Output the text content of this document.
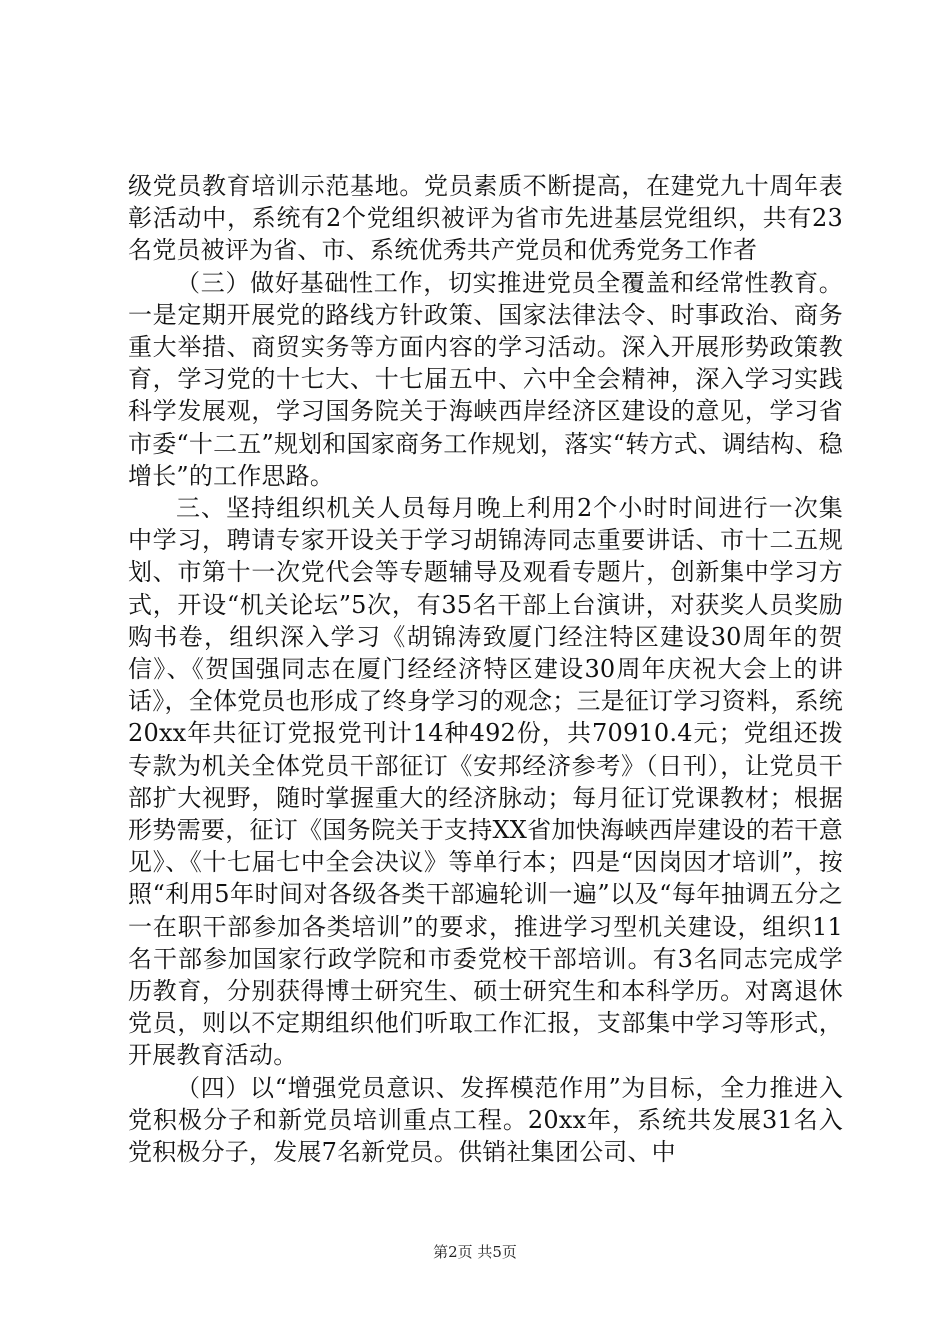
级党员教育培训示范基地。党员素质不断提高，在建党九十周年表彰活动中，系统有2个党组织被评为省市先进基层党组织，共有23名党员被评为省、市、系统优秀共产党员和优秀党务工作者

（三）做好基础性工作，切实推进党员全覆盖和经常性教育。一是定期开展党的路线方针政策、国家法律法令、时事政治、商务重大举措、商贸实务等方面内容的学习活动。深入开展形势政策教育，学习党的十七大、十七届五中、六中全会精神，深入学习实践科学发展观，学习国务院关于海峡西岸经济区建设的意见，学习省市委“十二五”规划和国家商务工作规划，落实“转方式、调结构、稳增长”的工作思路。

三、坚持组织机关人员每月晚上利用2个小时时间进行一次集中学习，聘请专家开设关于学习胡锦涛同志重要讲话、市十二五规划、市第十一次党代会等专题辅导及观看专题片，创新集中学习方式，开设“机关论坛”5次，有35名干部上台演讲，对获奖人员奖励购书卷，组织深入学习《胡锦涛致厦门经注特区建设30周年的贺信》、《贺国强同志在厦门经经济特区建设30周年庆祝大会上的讲话》，全体党员也形成了终身学习的观念；三是征订学习资料，系统20xx年共征订党报党刊计14种492份，共70910.4元；党组还拨专款为机关全体党员干部征订《安邦经济参考》（日刊），让党员干部扩大视野，随时掌握重大的经济脉动；每月征订党课教材；根据形势需要，征订《国务院关于支持XX省加快海峡西岸建设的若干意见》、《十七届七中全会决议》等单行本；四是“因岗因才培训”，按照“利用5年时间对各级各类干部遍轮训一遍”以及“每年抽调五分之一在职干部参加各类培训”的要求，推进学习型机关建设，组织11名干部参加国家行政学院和市委党校干部培训。有3名同志完成学历教育，分别获得博士研究生、硕士研究生和本科学历。对离退休党员，则以不定期组织他们听取工作汇报，支部集中学习等形式，开展教育活动。

（四）以“增强党员意识、发挥模范作用”为目标，全力推进入党积极分子和新党员培训重点工程。20xx年，系统共发展31名入党积极分子，发展7名新党员。供销社集团公司、中

第2页 共5页
